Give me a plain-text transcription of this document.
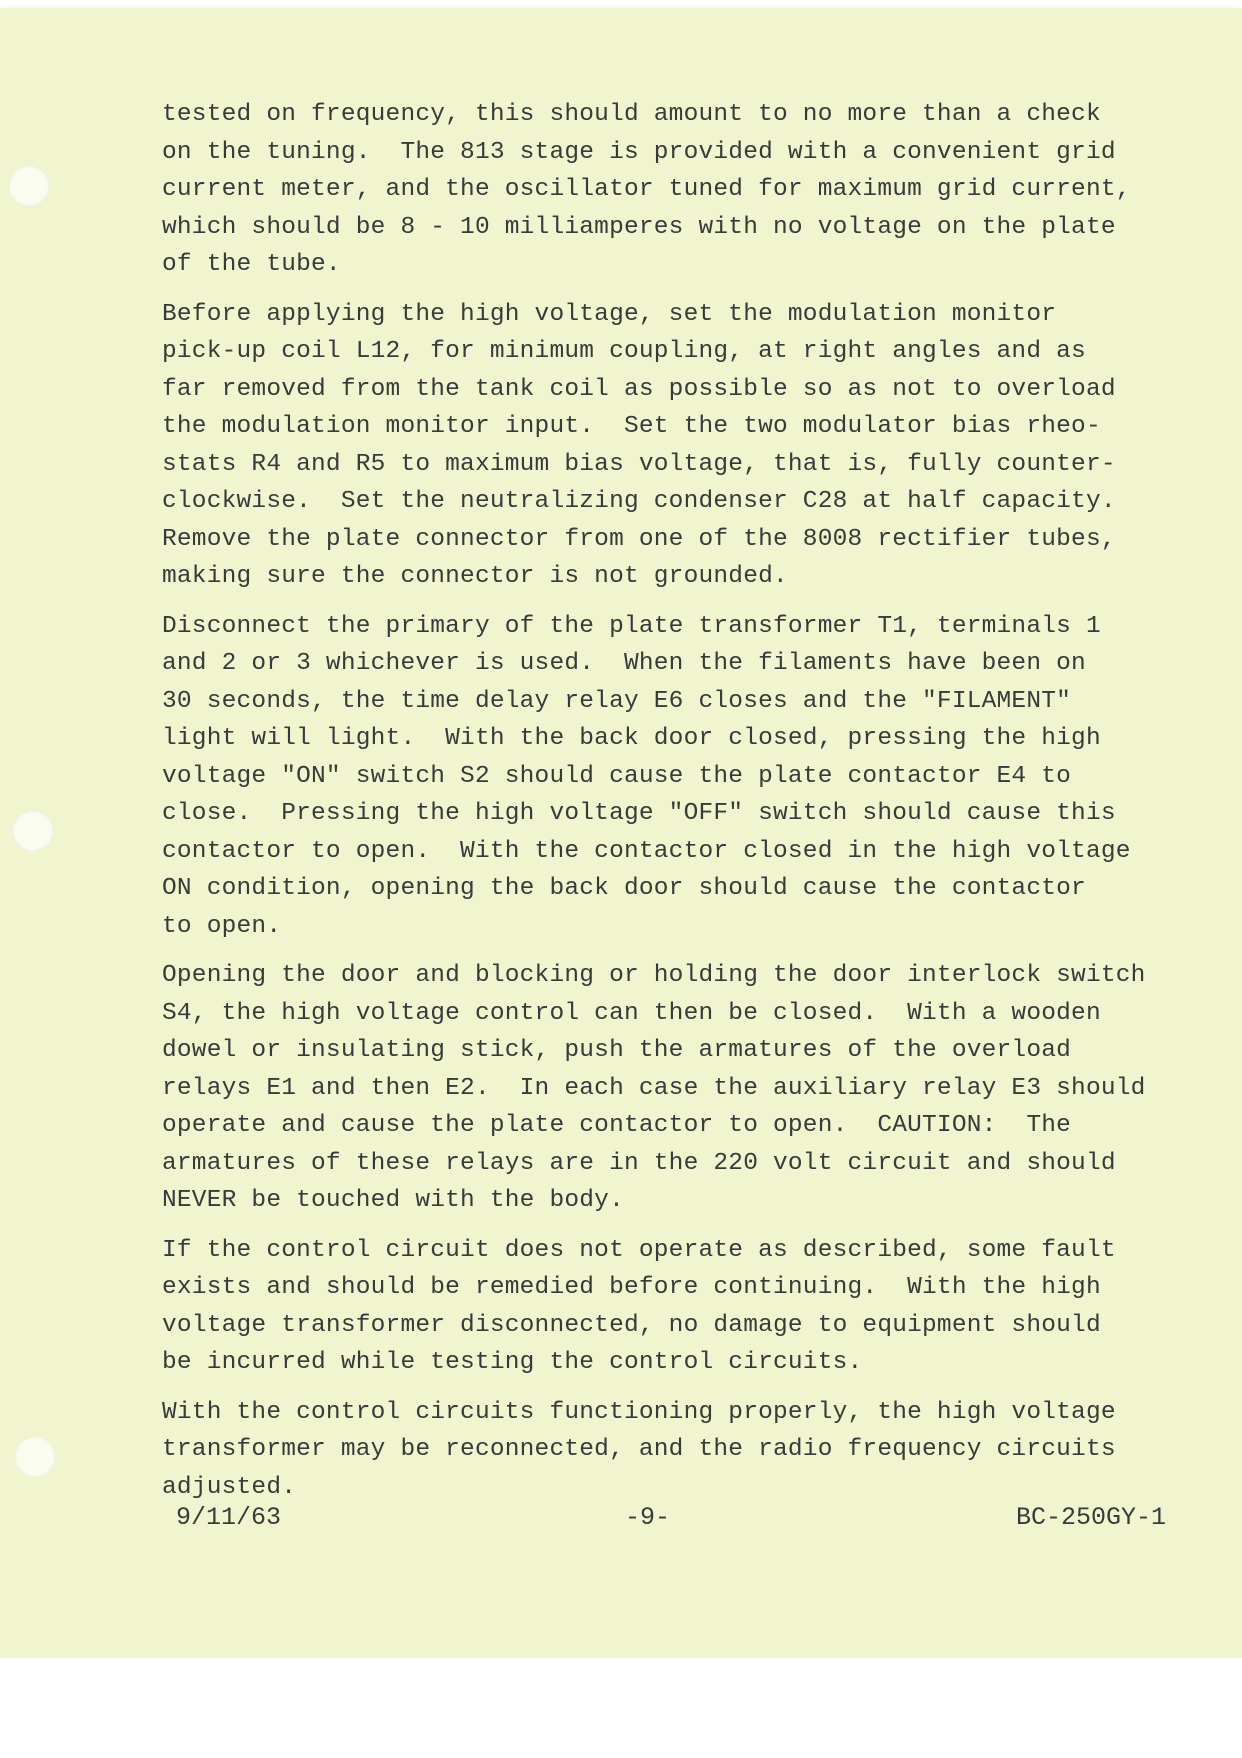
tested on frequency, this should amount to no more than a check
on the tuning.  The 813 stage is provided with a convenient grid
current meter, and the oscillator tuned for maximum grid current,
which should be 8 - 10 milliamperes with no voltage on the plate
of the tube.
Before applying the high voltage, set the modulation monitor
pick-up coil L12, for minimum coupling, at right angles and as
far removed from the tank coil as possible so as not to overload
the modulation monitor input.  Set the two modulator bias rheo-
stats R4 and R5 to maximum bias voltage, that is, fully counter-
clockwise.  Set the neutralizing condenser C28 at half capacity.
Remove the plate connector from one of the 8008 rectifier tubes,
making sure the connector is not grounded.
Disconnect the primary of the plate transformer T1, terminals 1
and 2 or 3 whichever is used.  When the filaments have been on
30 seconds, the time delay relay E6 closes and the "FILAMENT"
light will light.  With the back door closed, pressing the high
voltage "ON" switch S2 should cause the plate contactor E4 to
close.  Pressing the high voltage "OFF" switch should cause this
contactor to open.  With the contactor closed in the high voltage
ON condition, opening the back door should cause the contactor
to open.
Opening the door and blocking or holding the door interlock switch
S4, the high voltage control can then be closed.  With a wooden
dowel or insulating stick, push the armatures of the overload
relays E1 and then E2.  In each case the auxiliary relay E3 should
operate and cause the plate contactor to open.  CAUTION:  The
armatures of these relays are in the 220 volt circuit and should
NEVER be touched with the body.
If the control circuit does not operate as described, some fault
exists and should be remedied before continuing.  With the high
voltage transformer disconnected, no damage to equipment should
be incurred while testing the control circuits.
With the control circuits functioning properly, the high voltage
transformer may be reconnected, and the radio frequency circuits
adjusted.
9/11/63	-9-	BC-250GY-1
